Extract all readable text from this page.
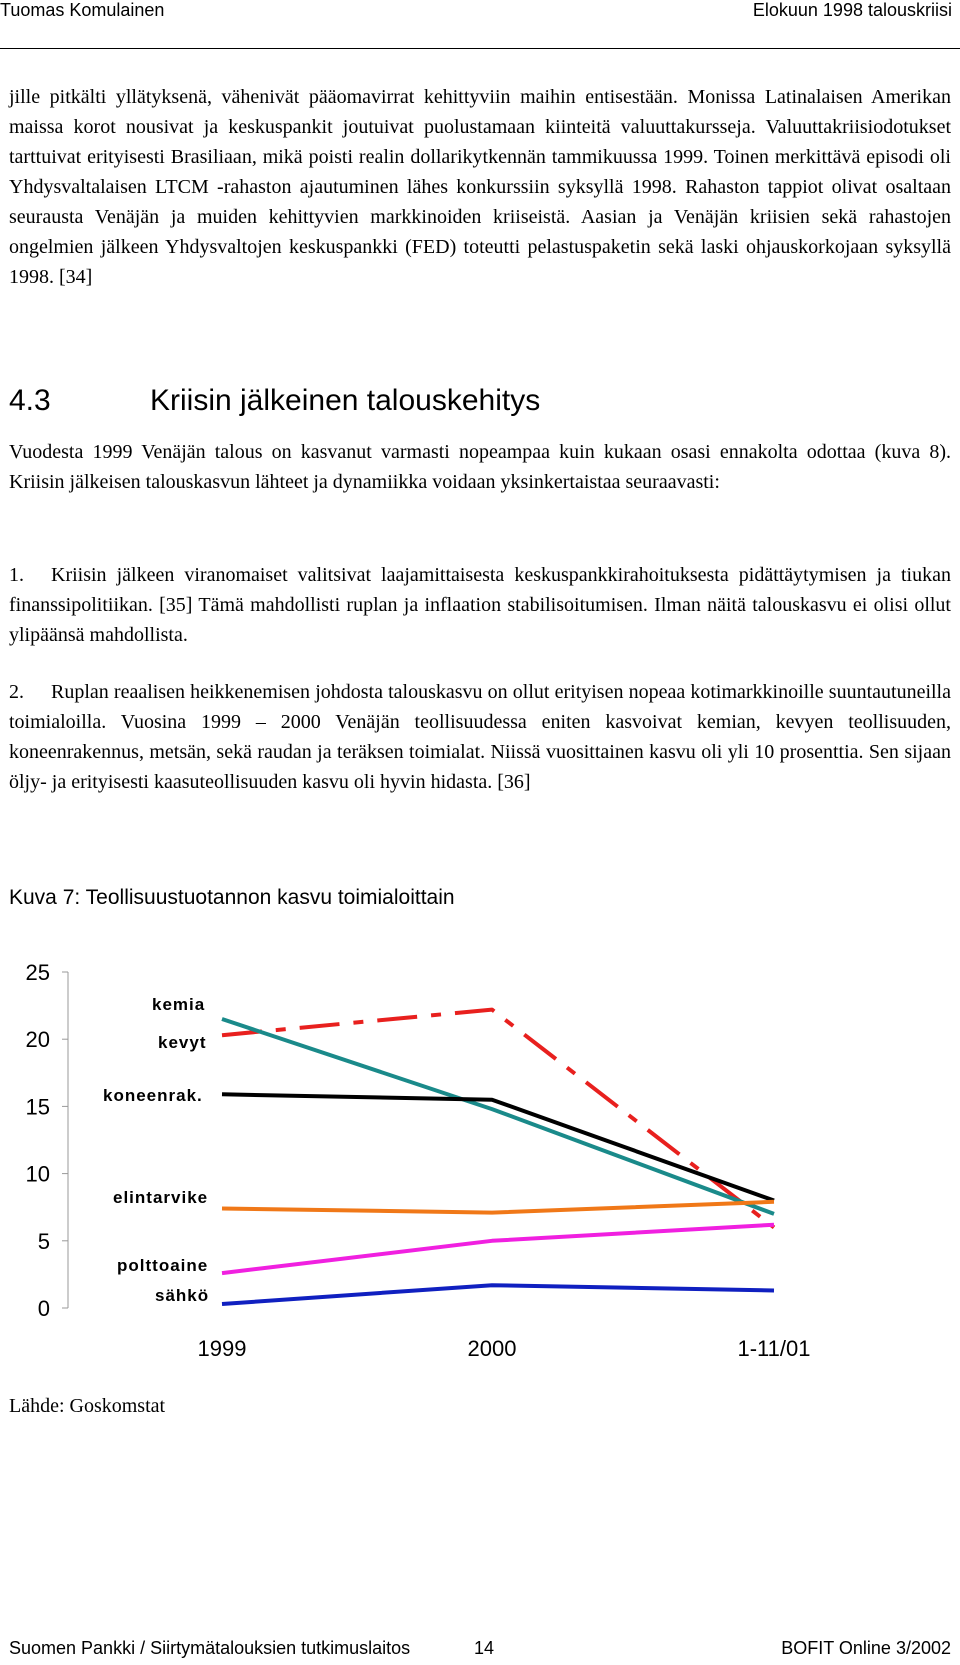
Tuomas Komulainen	Elokuun 1998 talouskriisi

jille pitkälti yllätyksenä, vähenivät pääomavirrat kehittyviin maihin entisestään. Monissa Latinalaisen Amerikan maissa korot nousivat ja keskuspankit joutuivat puolustamaan kiinteitä valuuttakursseja. Valuuttakriisiodotukset tarttuivat erityisesti Brasiliaan, mikä poisti realin dollarikytkennän tammikuussa 1999. Toinen merkittävä episodi oli Yhdysvaltalaisen LTCM -rahaston ajautuminen lähes konkurssiin syksyllä 1998. Rahaston tappiot olivat osaltaan seurausta Venäjän ja muiden kehittyvien markkinoiden kriiseistä. Aasian ja Venäjän kriisien sekä rahastojen ongelmien jälkeen Yhdysvaltojen keskuspankki (FED) toteutti pelastuspaketin sekä laski ohjauskorkojaan syksyllä 1998. [34]

4.3	Kriisin jälkeinen talouskehitys

Vuodesta 1999 Venäjän talous on kasvanut varmasti nopeampaa kuin kukaan osasi ennakolta odottaa (kuva 8). Kriisin jälkeisen talouskasvun lähteet ja dynamiikka voidaan yksinkertaistaa seuraavasti:

1.	Kriisin jälkeen viranomaiset valitsivat laajamittaisesta keskuspankkirahoituksesta pidättäytymisen ja tiukan finanssipolitiikan. [35] Tämä mahdollisti ruplan ja inflaation stabilisoitumisen. Ilman näitä talouskasvu ei olisi ollut ylipäänsä mahdollista.
2.	Ruplan reaalisen heikkenemisen johdosta talouskasvu on ollut erityisen nopeaa kotimarkkinoille suuntautuneilla toimialoilla. Vuosina 1999 – 2000 Venäjän teollisuudessa eniten kasvoivat kemian, kevyen teollisuuden, koneenrakennus, metsän, sekä raudan ja teräksen toimialat. Niissä vuosittainen kasvu oli yli 10 prosenttia. Sen sijaan öljy- ja erityisesti kaasuteollisuuden kasvu oli hyvin hidasta. [36]
Kuva 7: Teollisuustuotannon kasvu toimialoittain
0
5
10
15
20
25
1999	2000	1-11/01
kemia
kevyt
koneenrak.
elintarvike
polttoaine
sähkö
Lähde: Goskomstat
Suomen Pankki / Siirtymätalouksien tutkimuslaitos	14	BOFIT Online 3/2002
